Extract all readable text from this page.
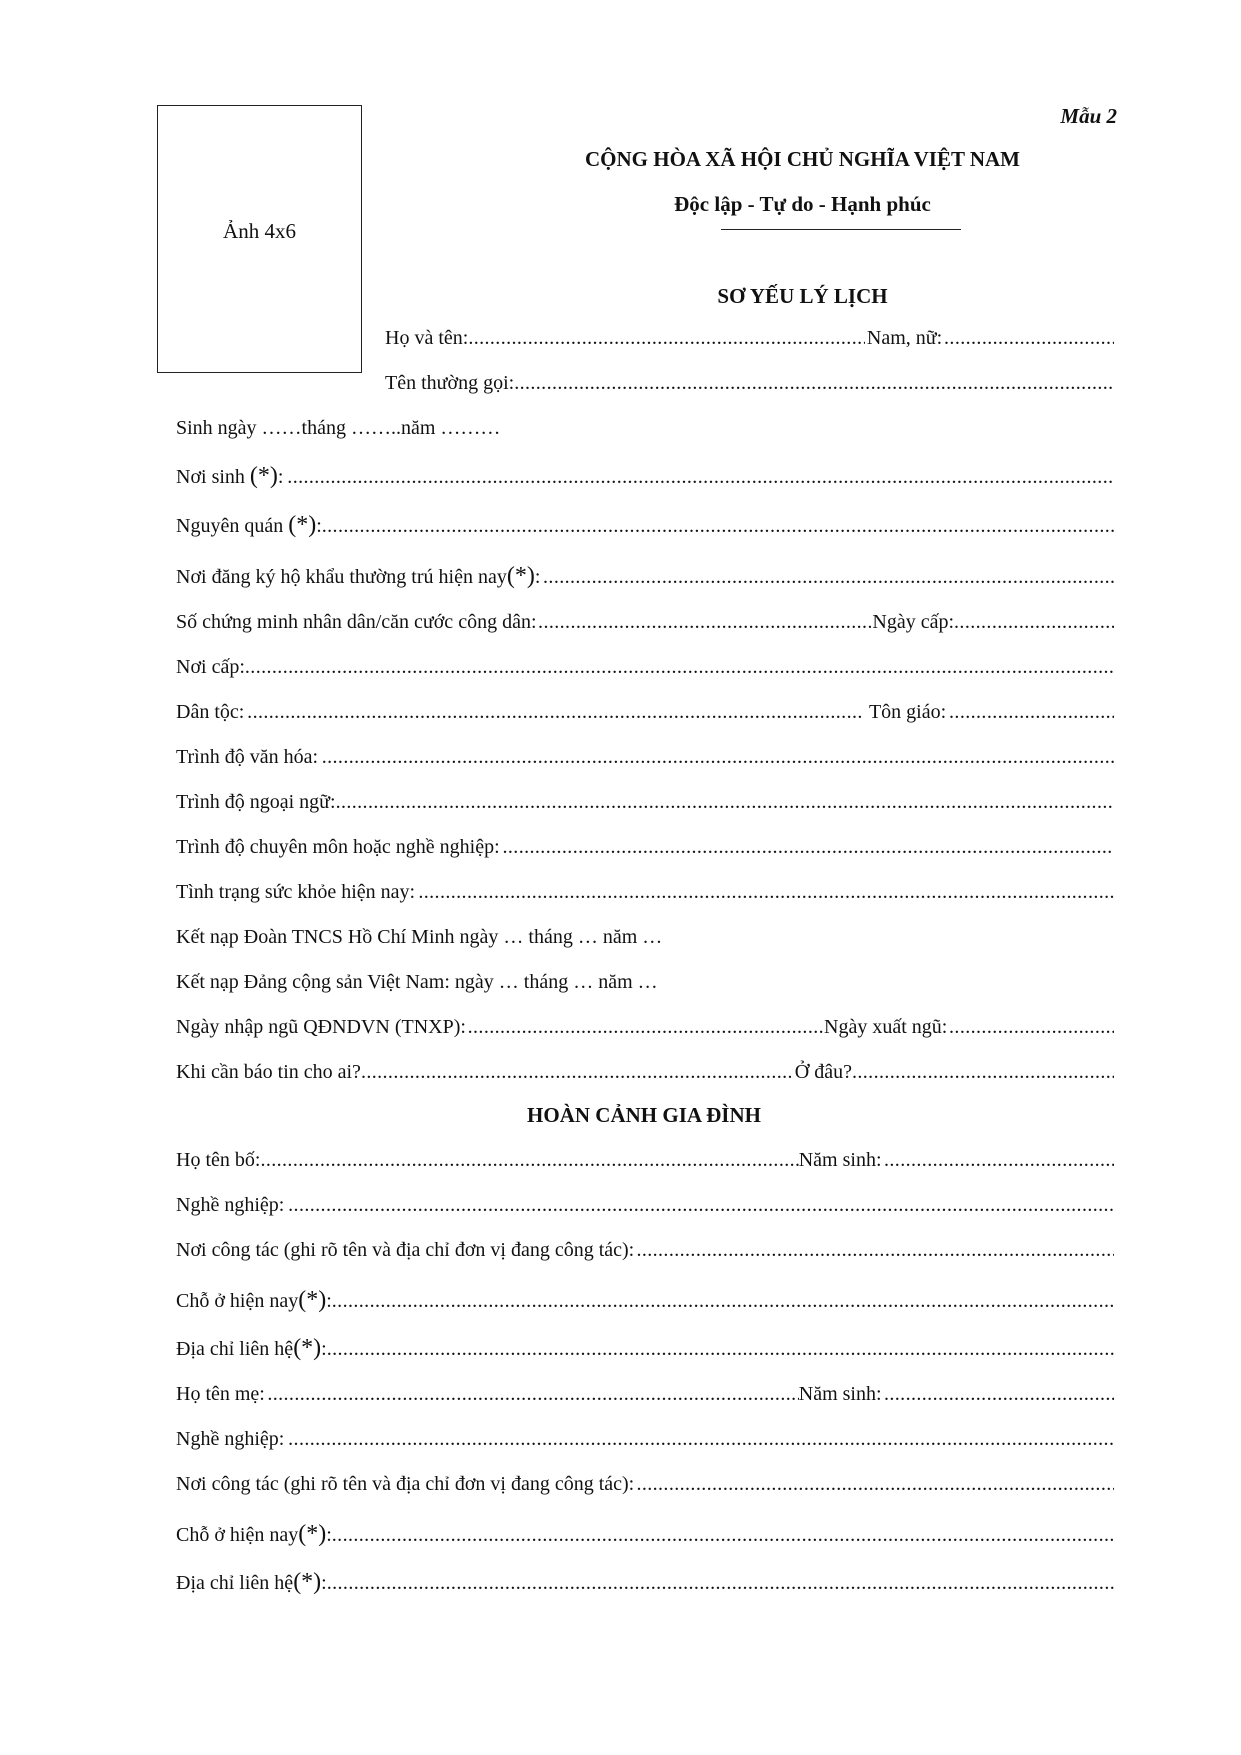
Ảnh 4x6
Mẫu 2
CỘNG HÒA XÃ HỘI CHỦ NGHĨA VIỆT NAM
Độc lập - Tự do - Hạnh phúc
SƠ YẾU LÝ LỊCH
Họ và tên: .....	Nam, nữ:
.....
Tên thường gọi:
.....
Sinh ngày ……tháng ……..năm ………
Nơi sinh (*) :
.....
Nguyên quán (*) :
.....
Nơi đăng ký hộ khẩu thường trú hiện nay (*) :
.....
Số chứng minh nhân dân/căn cước công dân: .....	Ngày cấp:
.....
Nơi cấp:
.....
Dân tộc: .....	Tôn giáo:
.....
Trình độ văn hóa:
.....
Trình độ ngoại ngữ:
.....
Trình độ chuyên môn hoặc nghề nghiệp:
.....
Tình trạng sức khỏe hiện nay:
.....
Kết nạp Đoàn TNCS Hồ Chí Minh ngày … tháng … năm …
Kết nạp Đảng cộng sản Việt Nam: ngày … tháng … năm …
Ngày nhập ngũ QĐNDVN (TNXP): .....	Ngày xuất ngũ:
.....
Khi cần báo tin cho ai? .....	Ở đâu?
.....
HOÀN CẢNH GIA ĐÌNH
Họ tên bố: .....	Năm sinh:
.....
Nghề nghiệp:
.....
Nơi công tác (ghi rõ tên và địa chỉ đơn vị đang công tác):
.....
Chỗ ở hiện nay (*) :
.....
Địa chỉ liên hệ (*) :
.....
Họ tên mẹ: .....	Năm sinh:
.....
Nghề nghiệp:
.....
Nơi công tác (ghi rõ tên và địa chỉ đơn vị đang công tác):
.....
Chỗ ở hiện nay (*) :
.....
Địa chỉ liên hệ (*) :
.....
